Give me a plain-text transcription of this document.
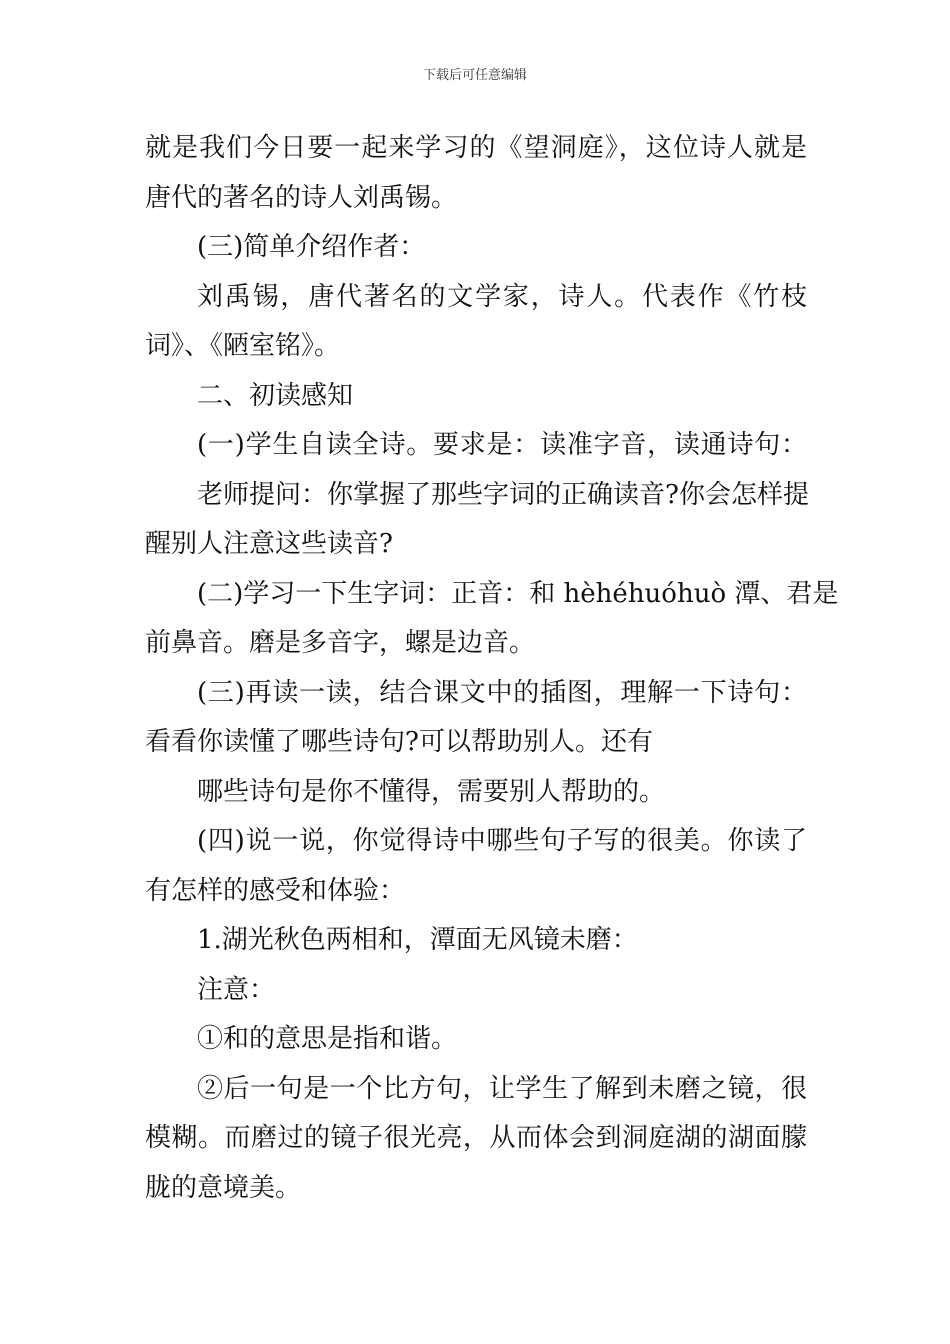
下载后可任意编辑
就是我们今日要一起来学习的《望洞庭》，这位诗人就是
唐代的著名的诗人刘禹锡。
(三)简单介绍作者：
刘禹锡，唐代著名的文学家，诗人。代表作《竹枝
词》、《陋室铭》。
二、初读感知
(一)学生自读全诗。要求是：读准字音，读通诗句：
老师提问：你掌握了那些字词的正确读音?你会怎样提
醒别人注意这些读音?
(二)学习一下生字词：正音：和 hèhéhuóhuò 潭、君是
前鼻音。磨是多音字，螺是边音。
(三)再读一读，结合课文中的插图，理解一下诗句：
看看你读懂了哪些诗句?可以帮助别人。还有
哪些诗句是你不懂得，需要别人帮助的。
(四)说一说，你觉得诗中哪些句子写的很美。你读了
有怎样的感受和体验：
1.湖光秋色两相和，潭面无风镜未磨：
注意：
①和的意思是指和谐。
②后一句是一个比方句，让学生了解到未磨之镜，很
模糊。而磨过的镜子很光亮，从而体会到洞庭湖的湖面朦
胧的意境美。
